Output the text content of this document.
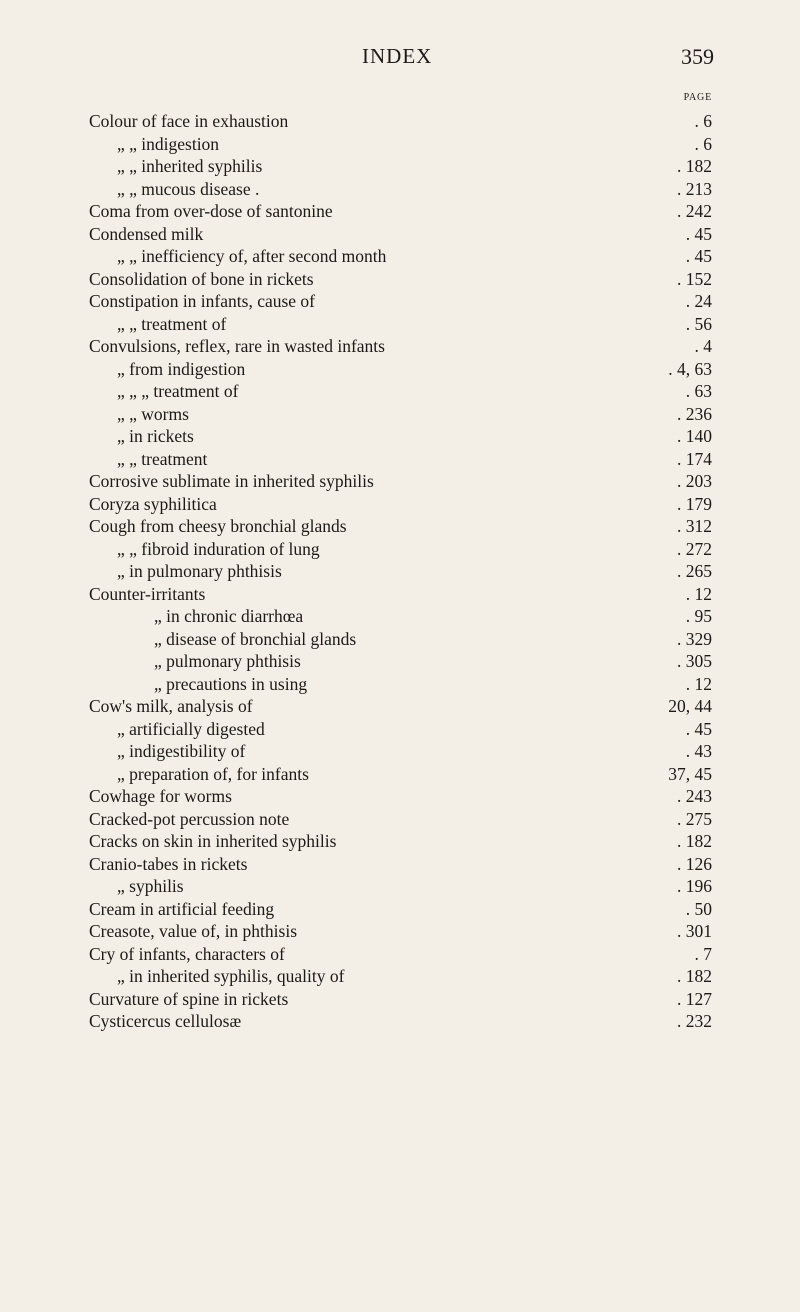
INDEX	359
PAGE
Colour of face in exhaustion	. 6
„ „ indigestion	. 6
„ „ inherited syphilis	. 182
„ „ mucous disease .	. 213
Coma from over-dose of santonine	. 242
Condensed milk	. 45
„ „ inefficiency of, after second month	. 45
Consolidation of bone in rickets	. 152
Constipation in infants, cause of	. 24
„ „ treatment of	. 56
Convulsions, reflex, rare in wasted infants	. 4
„ from indigestion	. 4, 63
„ „ „ treatment of	. 63
„ „ worms	. 236
„ in rickets	. 140
„ „ treatment	. 174
Corrosive sublimate in inherited syphilis	. 203
Coryza syphilitica	. 179
Cough from cheesy bronchial glands	. 312
„ „ fibroid induration of lung	. 272
„ in pulmonary phthisis	. 265
Counter-irritants	. 12
„ in chronic diarrhœa	. 95
„ disease of bronchial glands	. 329
„ pulmonary phthisis	. 305
„ precautions in using	. 12
Cow's milk, analysis of	20, 44
„ artificially digested	. 45
„ indigestibility of	. 43
„ preparation of, for infants	37, 45
Cowhage for worms	. 243
Cracked-pot percussion note	. 275
Cracks on skin in inherited syphilis	. 182
Cranio-tabes in rickets	. 126
„ syphilis	. 196
Cream in artificial feeding	. 50
Creasote, value of, in phthisis	. 301
Cry of infants, characters of	. 7
„ in inherited syphilis, quality of	. 182
Curvature of spine in rickets	. 127
Cysticercus cellulosæ	. 232
